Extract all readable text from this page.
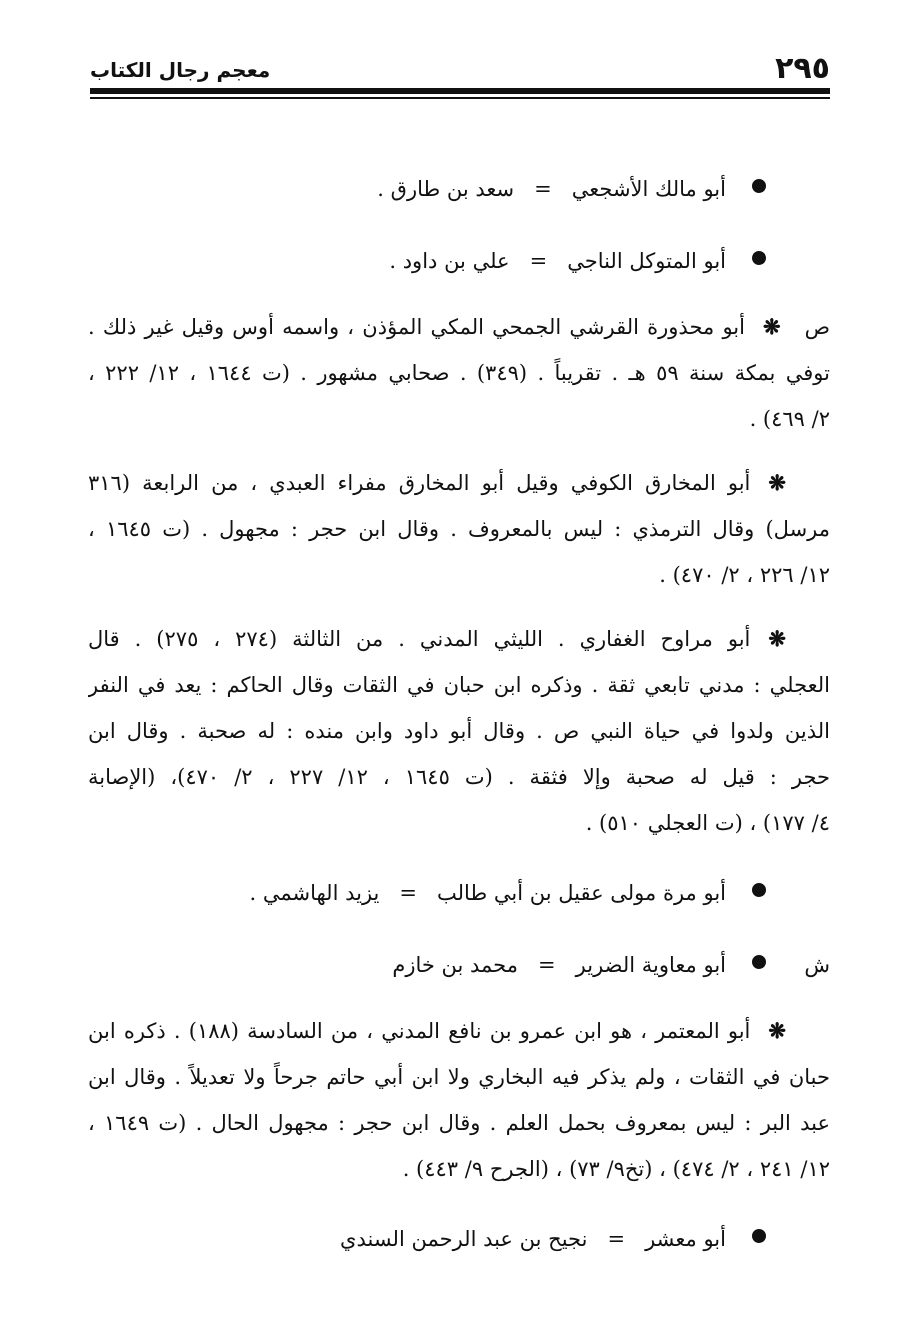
٢٩٥
معجم رجال الكتاب
أبو مالك الأشجعي   =   سعد بن طارق .
أبو المتوكل الناجي   =   علي بن داود .
ص❋أبو محذورة القرشي الجمحي المكي المؤذن ، واسمه أوس وقيل غير ذلك .
توفي بمكة سنة ٥٩ هـ . تقريباً . (٣٤٩) . صحابي مشهور . (ت ١٦٤٤ ، ١٢/ ٢٢٢ ،
٢/ ٤٦٩) .
❋أبو المخارق الكوفي وقيل أبو المخارق مفراء العبدي ، من الرابعة (٣١٦
مرسل) وقال الترمذي : ليس بالمعروف . وقال ابن حجر : مجهول . (ت ١٦٤٥ ،
١٢/ ٢٢٦ ، ٢/ ٤٧٠) .
❋أبو مراوح الغفاري . الليثي المدني . من الثالثة (٢٧٤ ، ٢٧٥) . قال
العجلي : مدني تابعي ثقة . وذكره ابن حبان في الثقات وقال الحاكم : يعد في النفر
الذين ولدوا في حياة النبي ص . وقال أبو داود وابن منده : له صحبة . وقال ابن
حجر : قيل له صحبة وإلا فثقة . (ت ١٦٤٥ ، ١٢/ ٢٢٧ ، ٢/ ٤٧٠)، (الإصابة
٤/ ١٧٧) ، (ت العجلي ٥١٠) .
أبو مرة مولى عقيل بن أبي طالب   =   يزيد الهاشمي .
ش
أبو معاوية الضرير   =   محمد بن خازم
❋أبو المعتمر ، هو ابن عمرو بن نافع المدني ، من السادسة (١٨٨) . ذكره ابن
حبان في الثقات ، ولم يذكر فيه البخاري ولا ابن أبي حاتم جرحاً ولا تعديلاً . وقال ابن
عبد البر : ليس بمعروف بحمل العلم . وقال ابن حجر : مجهول الحال . (ت ١٦٤٩ ،
١٢/ ٢٤١ ، ٢/ ٤٧٤) ، (تخ٩/ ٧٣) ، (الجرح ٩/ ٤٤٣) .
أبو معشر   =   نجيح بن عبد الرحمن السندي
